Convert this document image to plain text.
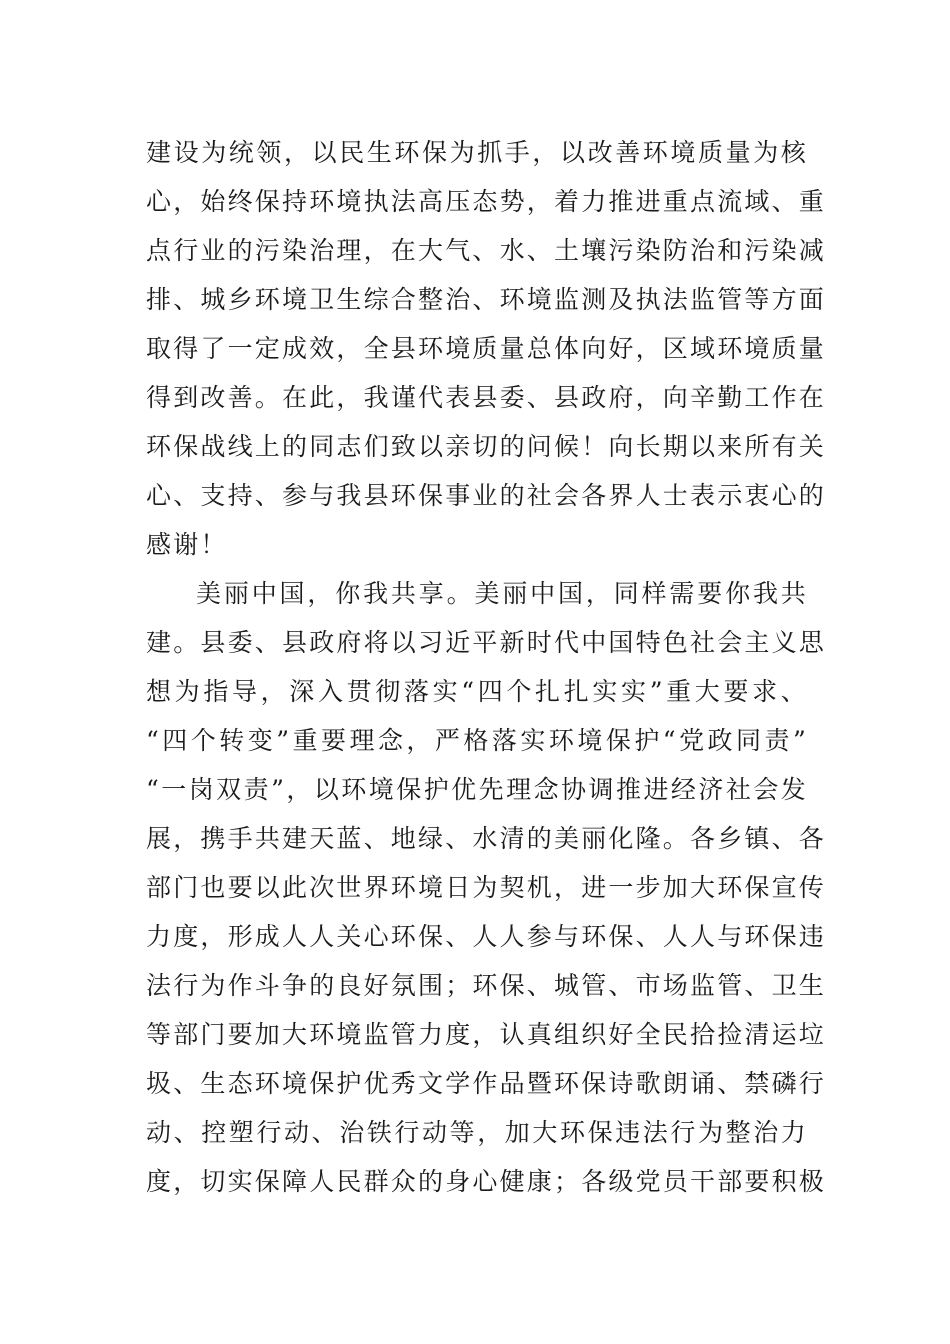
建设为统领，以民生环保为抓手，以改善环境质量为核
心，始终保持环境执法高压态势，着力推进重点流域、重
点行业的污染治理，在大气、水、土壤污染防治和污染减
排、城乡环境卫生综合整治、环境监测及执法监管等方面
取得了一定成效，全县环境质量总体向好，区域环境质量
得到改善。在此，我谨代表县委、县政府，向辛勤工作在
环保战线上的同志们致以亲切的问候！向长期以来所有关
心、支持、参与我县环保事业的社会各界人士表示衷心的
感谢！
美丽中国，你我共享。美丽中国，同样需要你我共
建。县委、县政府将以习近平新时代中国特色社会主义思
想为指导，深入贯彻落实“四个扎扎实实”重大要求、
“四个转变”重要理念，严格落实环境保护“党政同责”
“一岗双责”，以环境保护优先理念协调推进经济社会发
展，携手共建天蓝、地绿、水清的美丽化隆。各乡镇、各
部门也要以此次世界环境日为契机，进一步加大环保宣传
力度，形成人人关心环保、人人参与环保、人人与环保违
法行为作斗争的良好氛围；环保、城管、市场监管、卫生
等部门要加大环境监管力度，认真组织好全民拾捡清运垃
圾、生态环境保护优秀文学作品暨环保诗歌朗诵、禁磷行
动、控塑行动、治铁行动等，加大环保违法行为整治力
度，切实保障人民群众的身心健康；各级党员干部要积极
